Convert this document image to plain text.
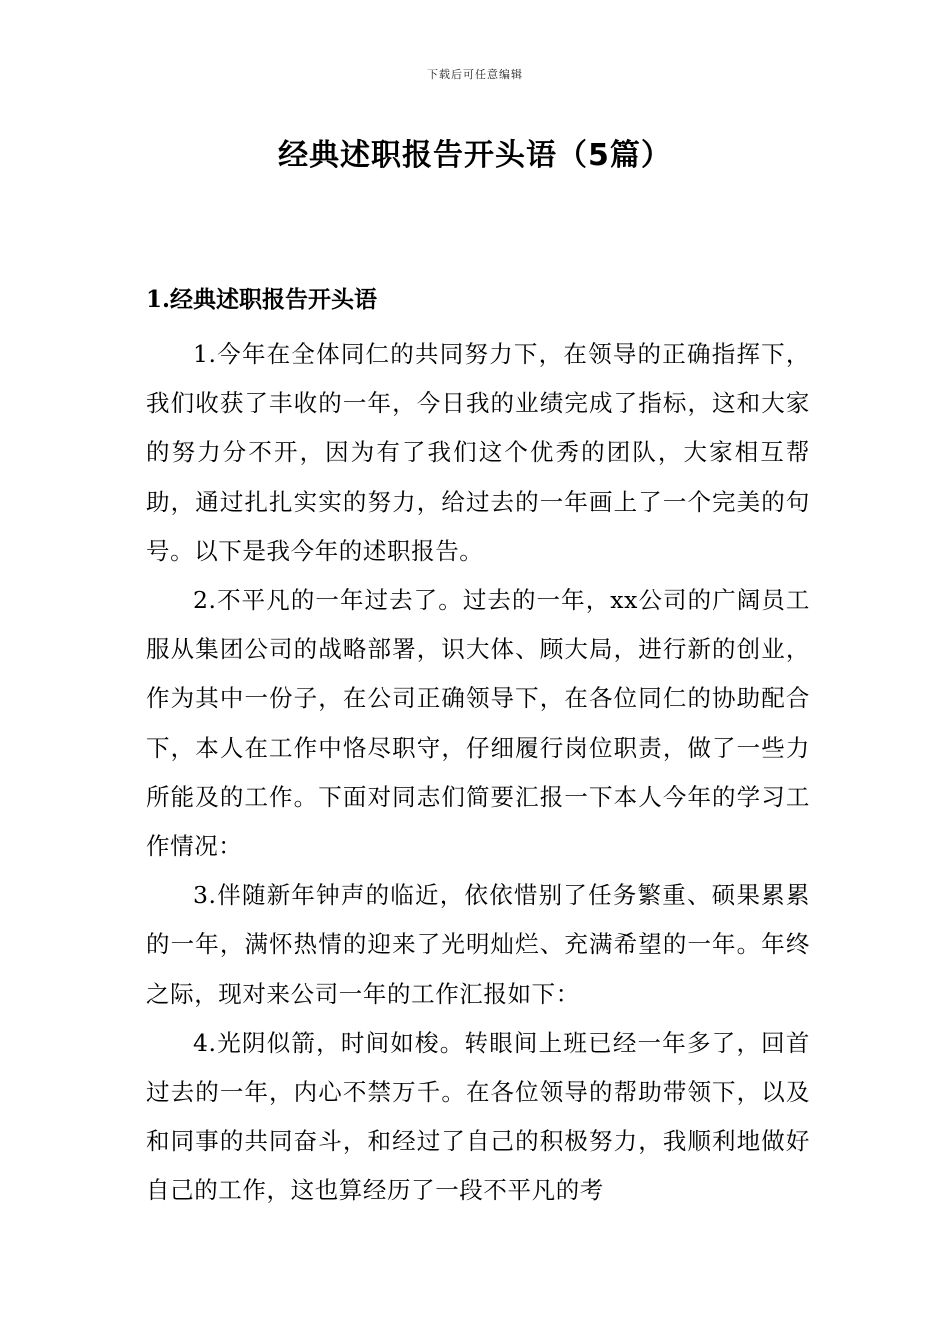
下载后可任意编辑
经典述职报告开头语（5篇）
1.经典述职报告开头语

1.今年在全体同仁的共同努力下，在领导的正确指挥下，我们收获了丰收的一年，今日我的业绩完成了指标，这和大家的努力分不开，因为有了我们这个优秀的团队，大家相互帮助，通过扎扎实实的努力，给过去的一年画上了一个完美的句号。以下是我今年的述职报告。

2.不平凡的一年过去了。过去的一年，xx公司的广阔员工服从集团公司的战略部署，识大体、顾大局，进行新的创业，作为其中一份子，在公司正确领导下，在各位同仁的协助配合下，本人在工作中恪尽职守，仔细履行岗位职责，做了一些力所能及的工作。下面对同志们简要汇报一下本人今年的学习工作情况：

3.伴随新年钟声的临近，依依惜别了任务繁重、硕果累累的一年，满怀热情的迎来了光明灿烂、充满希望的一年。年终之际，现对来公司一年的工作汇报如下：

4.光阴似箭，时间如梭。转眼间上班已经一年多了，回首过去的一年，内心不禁万千。在各位领导的帮助带领下，以及和同事的共同奋斗，和经过了自己的积极努力，我顺利地做好自己的工作，这也算经历了一段不平凡的考
